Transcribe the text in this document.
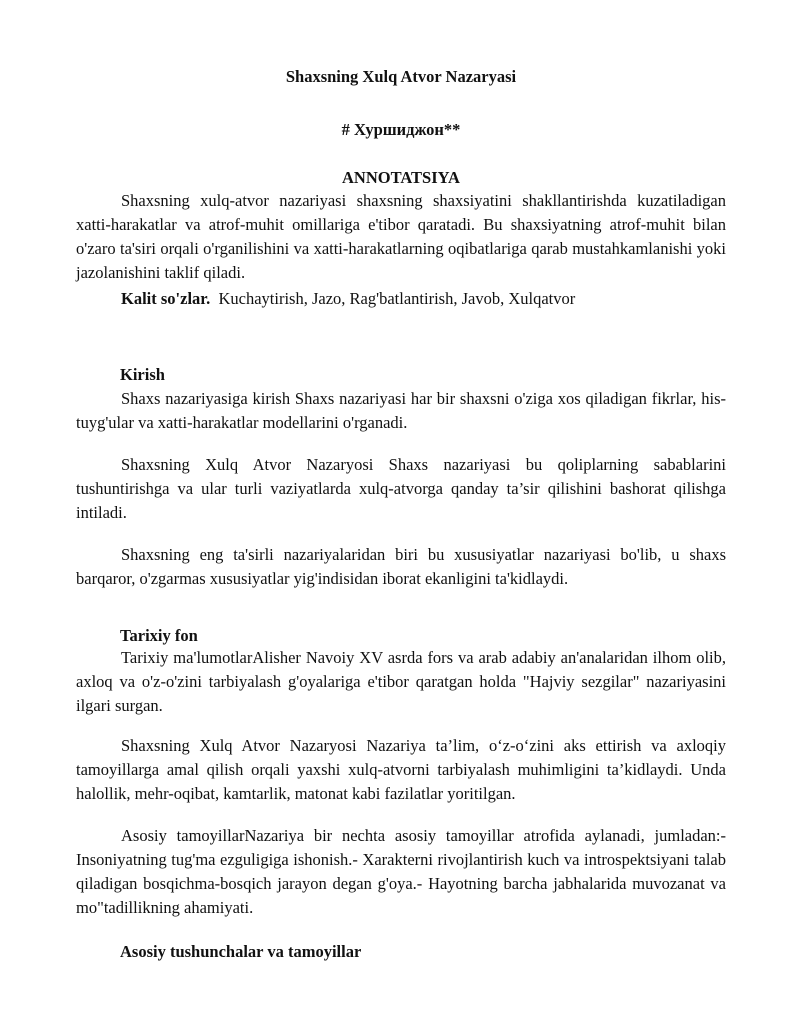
Shaxsning Xulq Atvor Nazaryasi
# Хуршиджон**
ANNOTATSIYA

Shaxsning xulq-atvor nazariyasi shaxsning shaxsiyatini shakllantirishda kuzatiladigan xatti-harakatlar va atrof-muhit omillariga e'tibor qaratadi. Bu shaxsiyatning atrof-muhit bilan o'zaro ta'siri orqali o'rganilishini va xatti-harakatlarning oqibatlariga qarab mustahkamlanishi yoki jazolanishini taklif qiladi.

Kalit so'zlar. Kuchaytirish, Jazo, Rag'batlantirish, Javob, Xulqatvor
Kirish

Shaxs nazariyasiga kirish Shaxs nazariyasi har bir shaxsni o'ziga xos qiladigan fikrlar, his-tuyg'ular va xatti-harakatlar modellarini o'rganadi.

Shaxsning Xulq Atvor Nazaryosi Shaxs nazariyasi bu qoliplarning sabablarini tushuntirishga va ular turli vaziyatlarda xulq-atvorga qanday ta’sir qilishini bashorat qilishga intiladi.

Shaxsning eng ta'sirli nazariyalaridan biri bu xususiyatlar nazariyasi bo'lib, u shaxs barqaror, o'zgarmas xususiyatlar yig'indisidan iborat ekanligini ta'kidlaydi.

Tarixiy fon

Tarixiy ma'lumotlarAlisher Navoiy XV asrda fors va arab adabiy an'analaridan ilhom olib, axloq va o'z-o'zini tarbiyalash g'oyalariga e'tibor qaratgan holda "Hajviy sezgilar" nazariyasini ilgari surgan.

Shaxsning Xulq Atvor Nazaryosi Nazariya ta’lim, o‘z-o‘zini aks ettirish va axloqiy tamoyillarga amal qilish orqali yaxshi xulq-atvorni tarbiyalash muhimligini ta’kidlaydi. Unda halollik, mehr-oqibat, kamtarlik, matonat kabi fazilatlar yoritilgan.

Asosiy tamoyillarNazariya bir nechta asosiy tamoyillar atrofida aylanadi, jumladan:- Insoniyatning tug'ma ezguligiga ishonish.- Xarakterni rivojlantirish kuch va introspektsiyani talab qiladigan bosqichma-bosqich jarayon degan g'oya.- Hayotning barcha jabhalarida muvozanat va mo"tadillikning ahamiyati.

Asosiy tushunchalar va tamoyillar
